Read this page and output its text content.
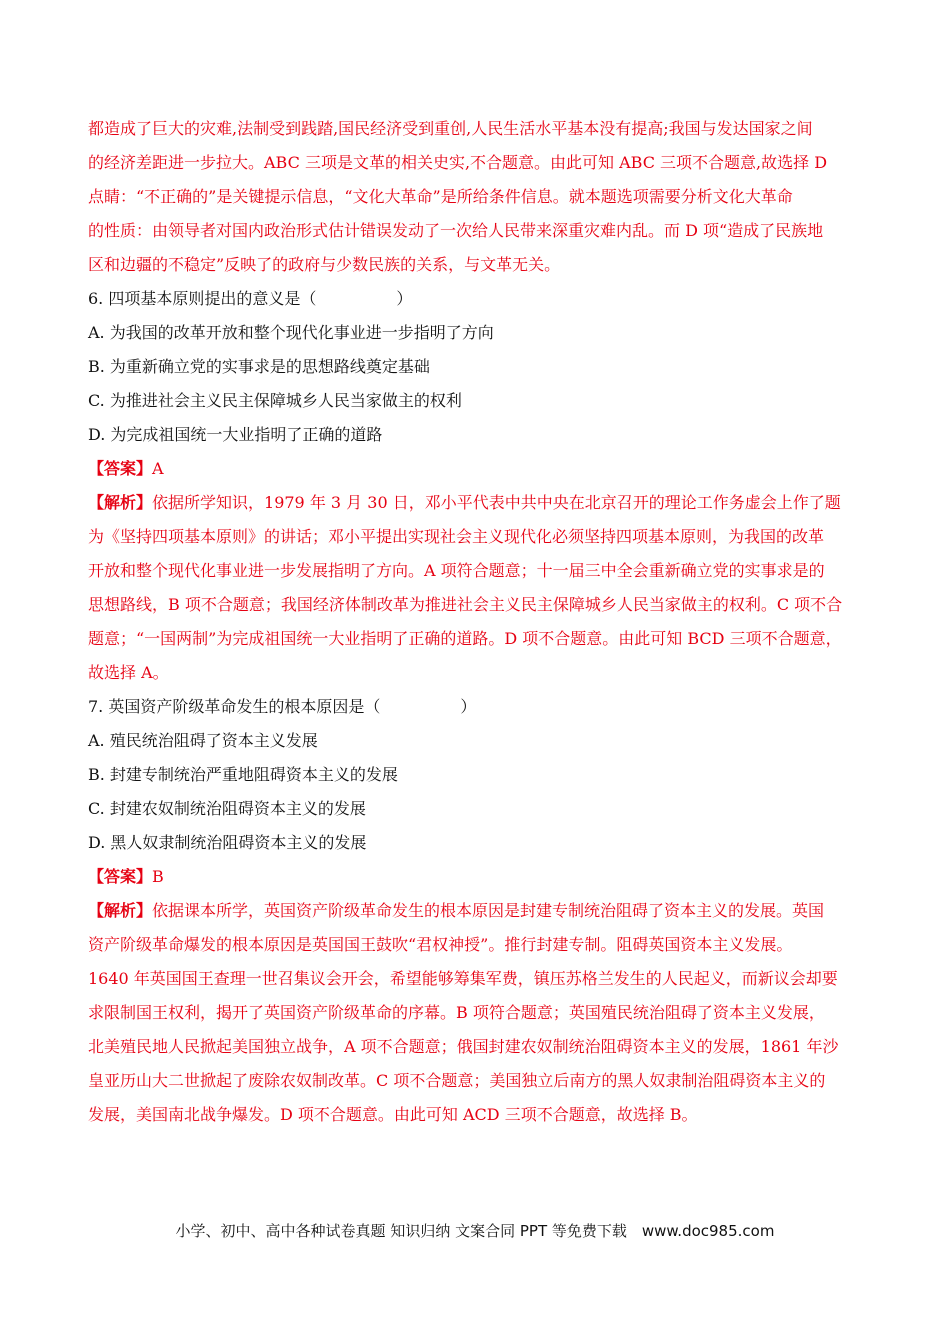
都造成了巨大的灾难,法制受到践踏,国民经济受到重创,人民生活水平基本没有提高;我国与发达国家之间
的经济差距进一步拉大。ABC 三项是文革的相关史实,不合题意。由此可知 ABC 三项不合题意,故选择 D
点睛：“不正确的”是关键提示信息，“文化大革命”是所给条件信息。就本题选项需要分析文化大革命
的性质：由领导者对国内政治形式估计错误发动了一次给人民带来深重灾难内乱。而 D 项“造成了民族地
区和边疆的不稳定”反映了的政府与少数民族的关系，与文革无关。
6. 四项基本原则提出的意义是（　　　　　）
A. 为我国的改革开放和整个现代化事业进一步指明了方向
B. 为重新确立党的实事求是的思想路线奠定基础
C. 为推进社会主义民主保障城乡人民当家做主的权利
D. 为完成祖国统一大业指明了正确的道路
【答案】A
【解析】依据所学知识，1979 年 3 月 30 日，邓小平代表中共中央在北京召开的理论工作务虚会上作了题
为《坚持四项基本原则》的讲话；邓小平提出实现社会主义现代化必须坚持四项基本原则，为我国的改革
开放和整个现代化事业进一步发展指明了方向。A 项符合题意；十一届三中全会重新确立党的实事求是的
思想路线，B 项不合题意；我国经济体制改革为推进社会主义民主保障城乡人民当家做主的权利。C 项不合
题意；“一国两制”为完成祖国统一大业指明了正确的道路。D 项不合题意。由此可知 BCD 三项不合题意，
故选择 A。
7. 英国资产阶级革命发生的根本原因是（　　　　　）
A. 殖民统治阻碍了资本主义发展
B. 封建专制统治严重地阻碍资本主义的发展
C. 封建农奴制统治阻碍资本主义的发展
D. 黑人奴隶制统治阻碍资本主义的发展
【答案】B
【解析】依据课本所学，英国资产阶级革命发生的根本原因是封建专制统治阻碍了资本主义的发展。英国
资产阶级革命爆发的根本原因是英国国王鼓吹“君权神授”。推行封建专制。阻碍英国资本主义发展。
1640 年英国国王查理一世召集议会开会，希望能够筹集军费，镇压苏格兰发生的人民起义，而新议会却要
求限制国王权利，揭开了英国资产阶级革命的序幕。B 项符合题意；英国殖民统治阻碍了资本主义发展，
北美殖民地人民掀起美国独立战争，A 项不合题意；俄国封建农奴制统治阻碍资本主义的发展，1861 年沙
皇亚历山大二世掀起了废除农奴制改革。C 项不合题意；美国独立后南方的黑人奴隶制治阻碍资本主义的
发展，美国南北战争爆发。D 项不合题意。由此可知 ACD 三项不合题意，故选择 B。
小学、初中、高中各种试卷真题 知识归纳 文案合同 PPT 等免费下载　www.doc985.com
